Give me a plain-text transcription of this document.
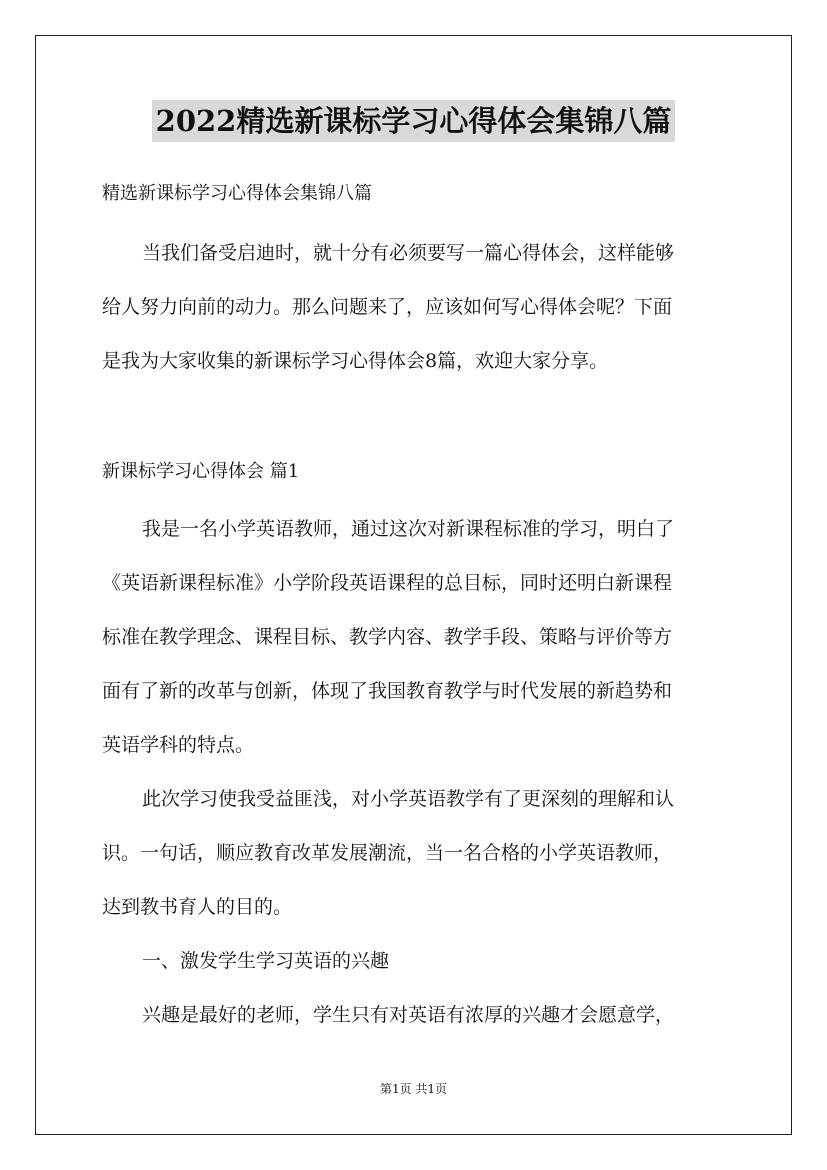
2022精选新课标学习心得体会集锦八篇
精选新课标学习心得体会集锦八篇
当我们备受启迪时，就十分有必须要写一篇心得体会，这样能够
给人努力向前的动力。那么问题来了，应该如何写心得体会呢？下面
是我为大家收集的新课标学习心得体会8篇，欢迎大家分享。
新课标学习心得体会 篇1
我是一名小学英语教师，通过这次对新课程标准的学习，明白了
《英语新课程标准》小学阶段英语课程的总目标，同时还明白新课程
标准在教学理念、课程目标、教学内容、教学手段、策略与评价等方
面有了新的改革与创新，体现了我国教育教学与时代发展的新趋势和
英语学科的特点。
此次学习使我受益匪浅，对小学英语教学有了更深刻的理解和认
识。一句话，顺应教育改革发展潮流，当一名合格的小学英语教师，
达到教书育人的目的。
一、激发学生学习英语的兴趣
兴趣是最好的老师，学生只有对英语有浓厚的兴趣才会愿意学，
第1页 共1页
